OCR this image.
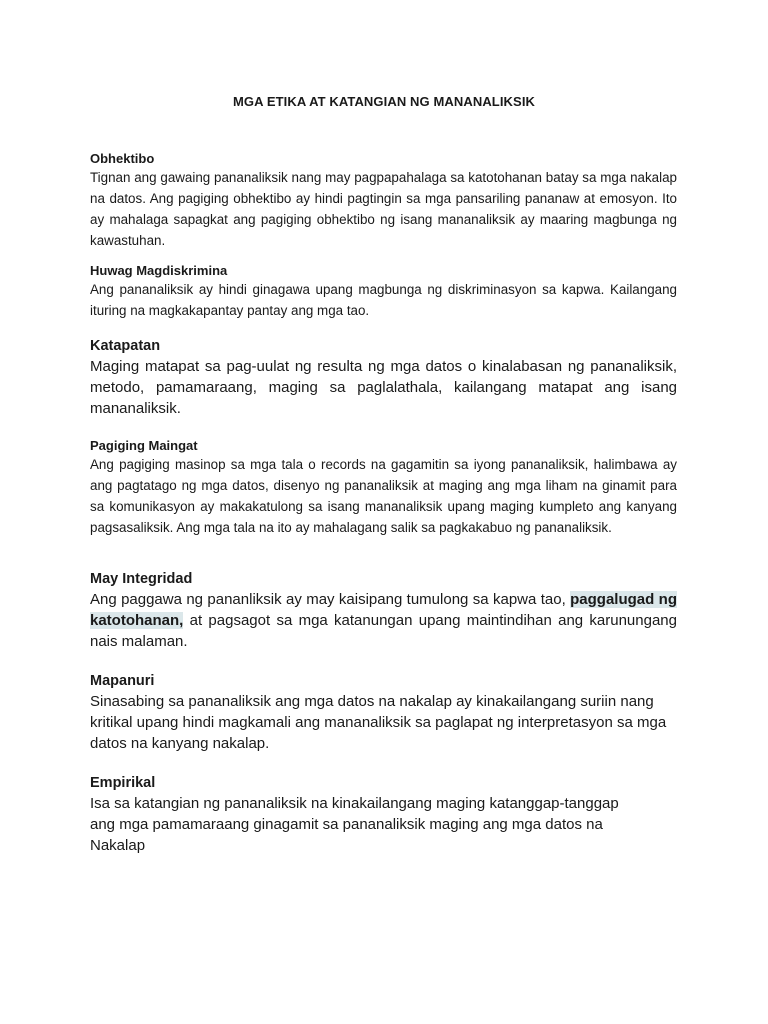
MGA ETIKA AT KATANGIAN NG MANANALIKSIK
Obhektibo
Tignan ang gawaing pananaliksik nang may pagpapahalaga sa katotohanan batay sa mga nakalap na datos. Ang pagiging obhektibo ay hindi pagtingin sa mga pansariling pananaw at emosyon. Ito ay mahalaga sapagkat ang pagiging obhektibo ng isang mananaliksik ay maaring magbunga ng kawastuhan.
Huwag Magdiskrimina
Ang pananaliksik ay hindi ginagawa upang magbunga ng diskriminasyon sa kapwa. Kailangang ituring na magkakapantay pantay ang mga tao.
Katapatan
Maging matapat sa pag-uulat ng resulta ng mga datos o kinalabasan ng pananaliksik, metodo, pamamaraang, maging sa paglalathala, kailangang matapat ang isang mananaliksik.
Pagiging Maingat
Ang pagiging masinop sa mga tala o records na gagamitin sa iyong pananaliksik, halimbawa ay ang pagtatago ng mga datos, disenyo ng pananaliksik at maging ang mga liham na ginamit para sa komunikasyon ay makakatulong sa isang mananaliksik upang maging kumpleto ang kanyang pagsasaliksik. Ang mga tala na ito ay mahalagang salik sa pagkakabuo ng pananaliksik.
May Integridad
Ang paggawa ng pananliksik ay may kaisipang tumulong sa kapwa tao, paggalugad ng katotohanan, at pagsagot sa mga katanungan upang maintindihan ang karunungang nais malaman.
Mapanuri
Sinasabing sa pananaliksik ang mga datos na nakalap ay kinakailangang suriin nang kritikal upang hindi magkamali ang mananaliksik sa paglapat ng interpretasyon sa mga datos na kanyang nakalap.
Empirikal
Isa sa katangian ng pananaliksik na kinakailangang maging katanggap-tanggap
ang mga pamamaraang ginagamit sa pananaliksik maging ang mga datos na
Nakalap
